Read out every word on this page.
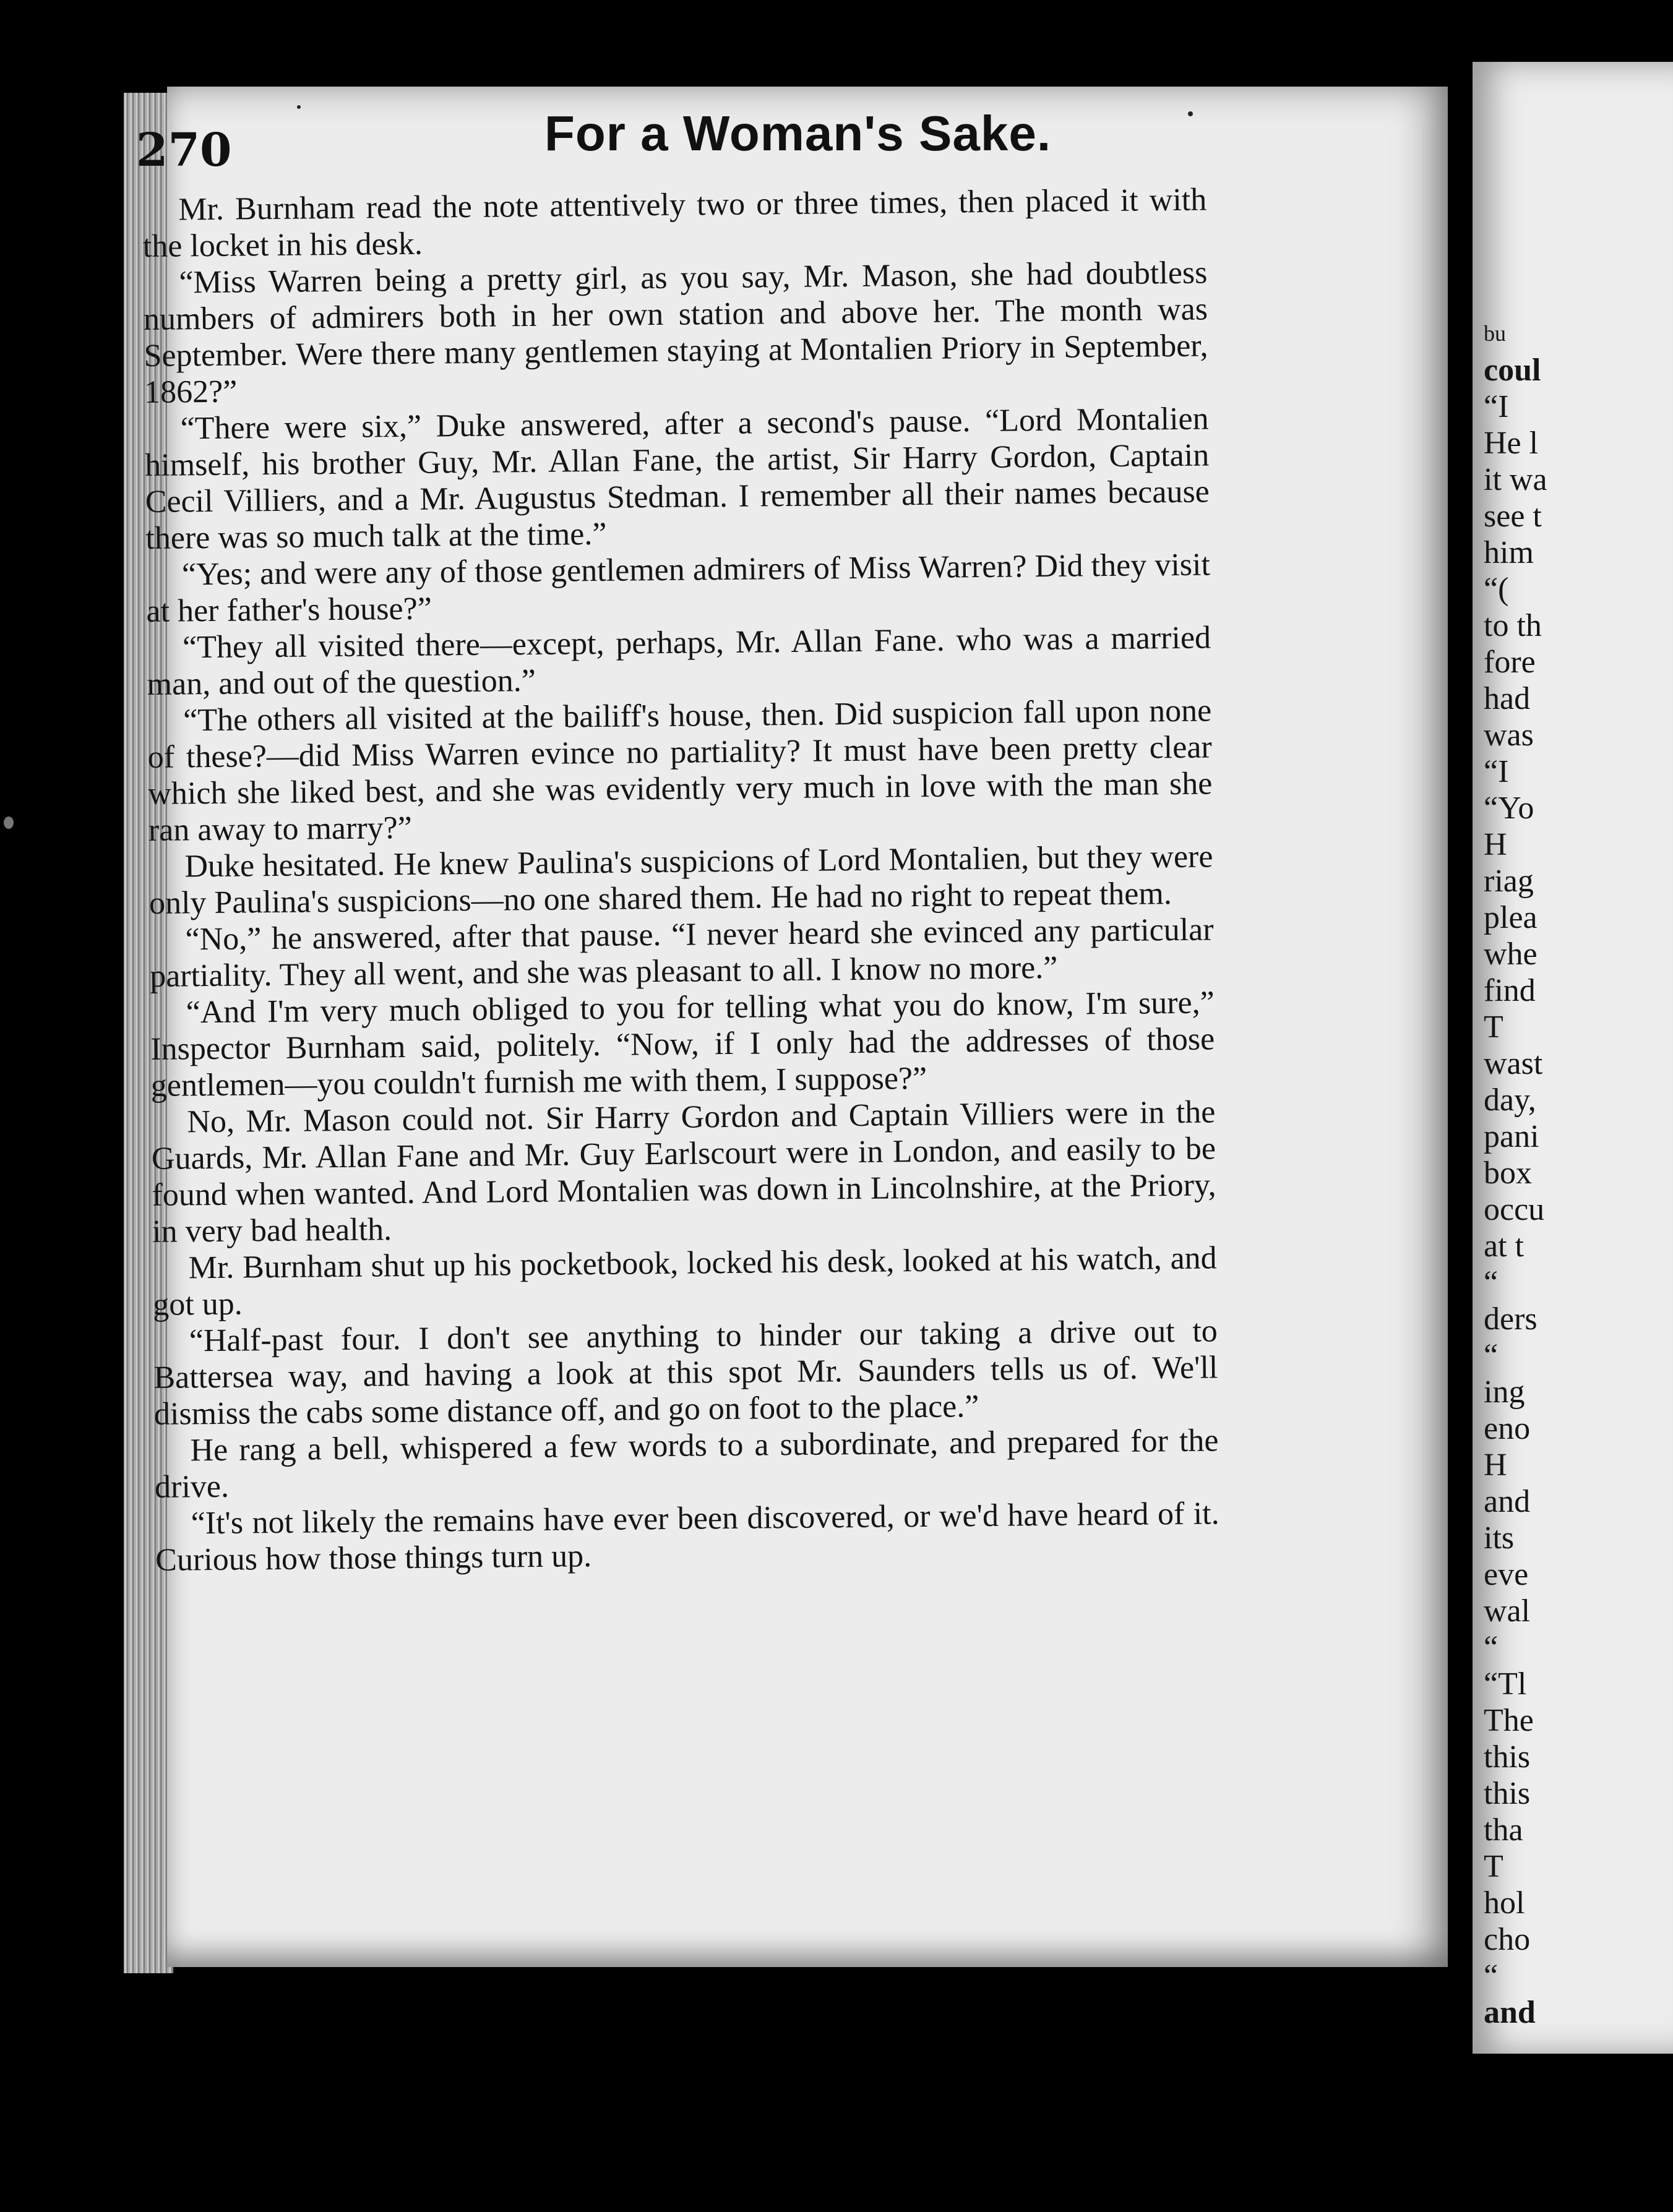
bu
coul
“I
He l
it wa
see t
him
“(
to th
fore
had
was
“I
“Yo
H
riag
plea
whe
find
T
wast
day,
pani
box
occu
at t
“
ders
“
ing
eno
H
and
its
eve
wal
“
“Tl
The
this
this
tha
T
hol
cho
“
and
270	For a Woman's Sake.

Mr. Burnham read the note attentively two or three times, then placed it with the locket in his desk.

“Miss Warren being a pretty girl, as you say, Mr. Mason, she had doubtless numbers of admirers both in her own station and above her. The month was September. Were there many gentlemen staying at Montalien Priory in September, 1862?”

“There were six,” Duke answered, after a second's pause. “Lord Montalien himself, his brother Guy, Mr. Allan Fane, the artist, Sir Harry Gordon, Captain Cecil Villiers, and a Mr. Augustus Stedman. I remember all their names because there was so much talk at the time.”

“Yes; and were any of those gentlemen admirers of Miss Warren? Did they visit at her father's house?”

“They all visited there—except, perhaps, Mr. Allan Fane. who was a married man, and out of the question.”

“The others all visited at the bailiff's house, then. Did suspicion fall upon none of these?—did Miss Warren evince no partiality? It must have been pretty clear which she liked best, and she was evidently very much in love with the man she ran away to marry?”

Duke hesitated. He knew Paulina's suspicions of Lord Montalien, but they were only Paulina's suspicions—no one shared them. He had no right to repeat them.

“No,” he answered, after that pause. “I never heard she evinced any particular partiality. They all went, and she was pleasant to all. I know no more.”

“And I'm very much obliged to you for telling what you do know, I'm sure,” Inspector Burnham said, politely. “Now, if I only had the addresses of those gentlemen—you couldn't furnish me with them, I suppose?”

No, Mr. Mason could not. Sir Harry Gordon and Captain Villiers were in the Guards, Mr. Allan Fane and Mr. Guy Earlscourt were in London, and easily to be found when wanted. And Lord Montalien was down in Lincolnshire, at the Priory, in very bad health.

Mr. Burnham shut up his pocketbook, locked his desk, looked at his watch, and got up.

“Half-past four. I don't see anything to hinder our taking a drive out to Battersea way, and having a look at this spot Mr. Saunders tells us of. We'll dismiss the cabs some distance off, and go on foot to the place.”

He rang a bell, whispered a few words to a subordinate, and prepared for the drive.

“It's not likely the remains have ever been discovered, or we'd have heard of it. Curious how those things turn up.
